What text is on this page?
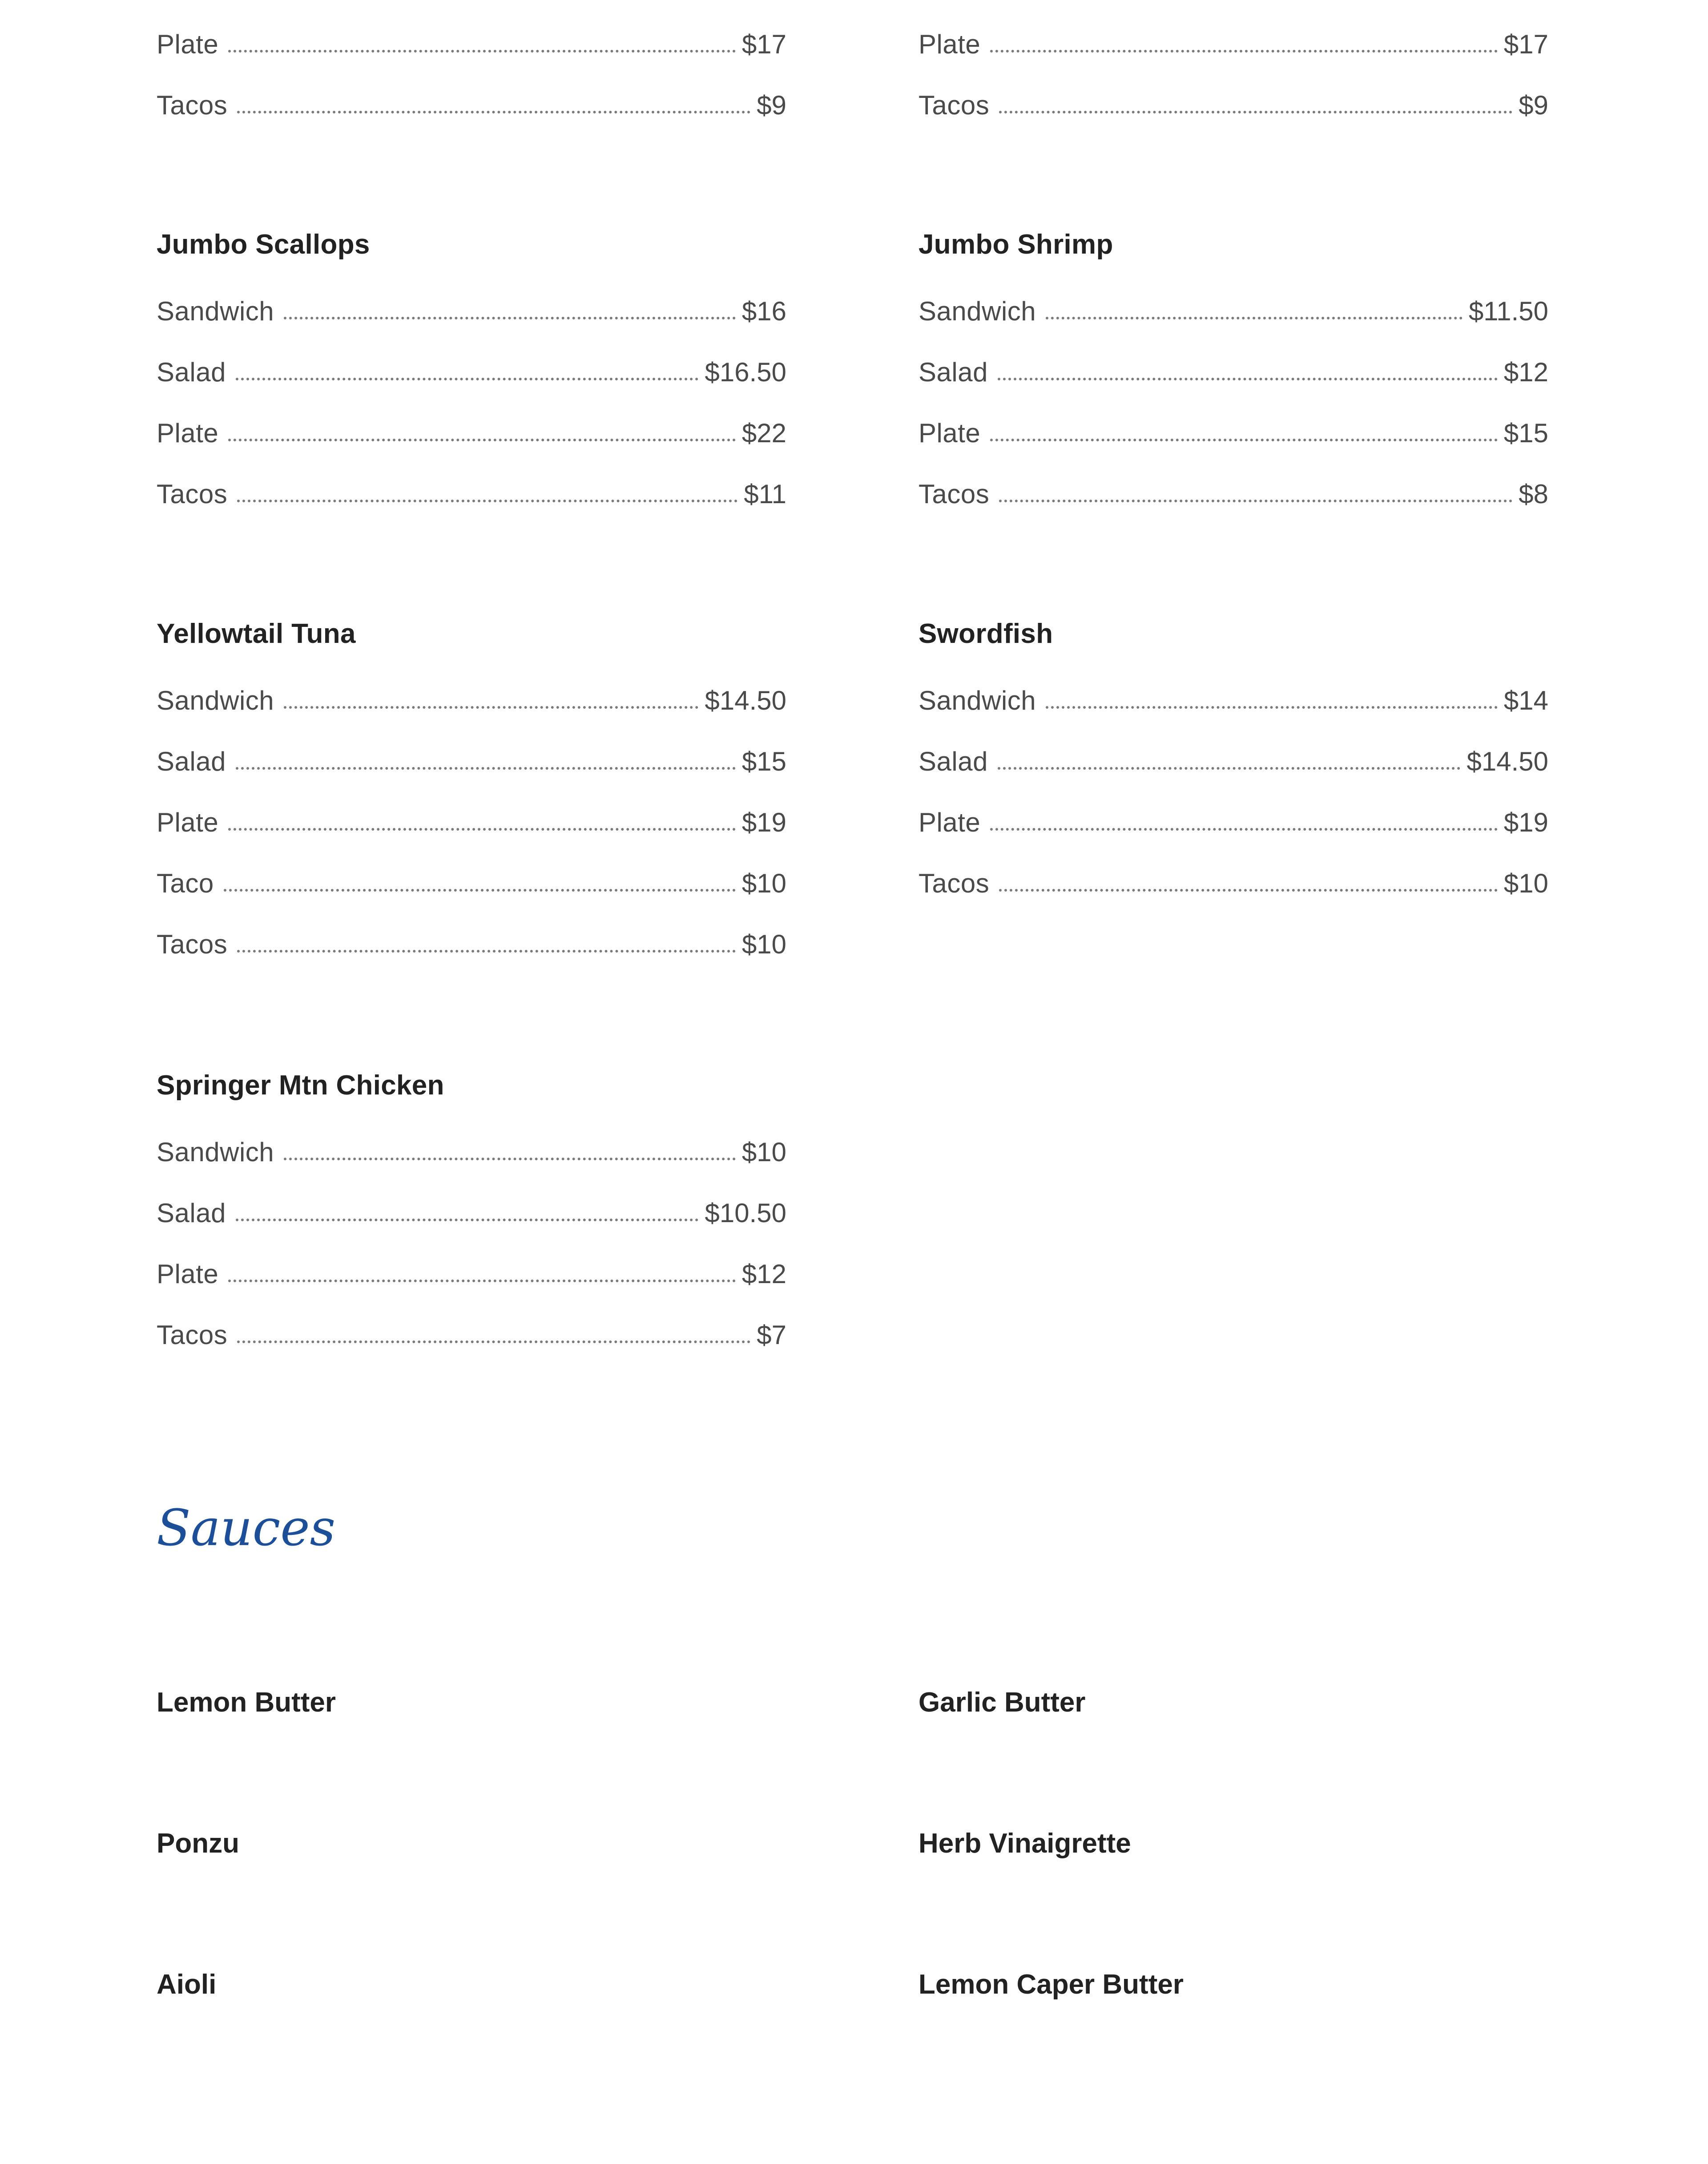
Plate	$17
Tacos	$9
Plate	$17
Tacos	$9
Jumbo Scallops
Sandwich	$16
Salad	$16.50
Plate	$22
Tacos	$11
Jumbo Shrimp
Sandwich	$11.50
Salad	$12
Plate	$15
Tacos	$8
Yellowtail Tuna
Sandwich	$14.50
Salad	$15
Plate	$19
Taco	$10
Tacos	$10
Swordfish
Sandwich	$14
Salad	$14.50
Plate	$19
Tacos	$10
Springer Mtn Chicken
Sandwich	$10
Salad	$10.50
Plate	$12
Tacos	$7
Sauces
Lemon Butter	Garlic Butter
Ponzu	Herb Vinaigrette
Aioli	Lemon Caper Butter
